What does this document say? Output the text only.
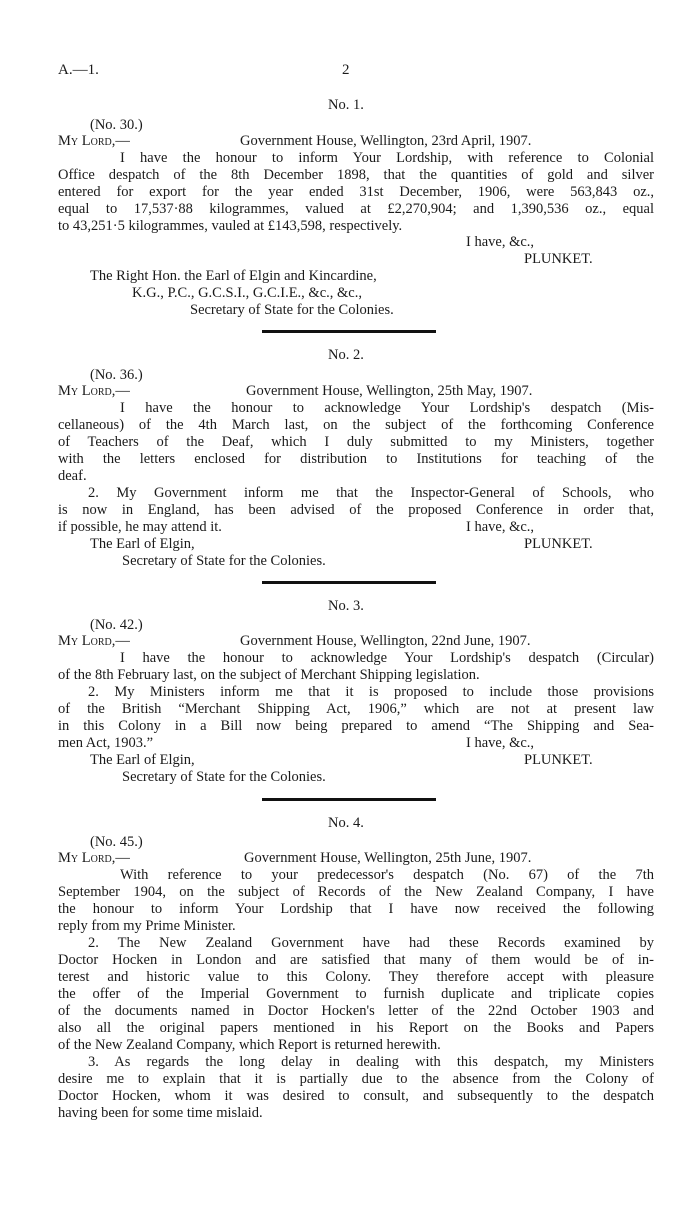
A.—1.	2
No. 1.
(No. 30.)
My Lord,—	Government House, Wellington, 23rd April, 1907.
I have the honour to inform Your Lordship, with reference to Colonial
Office despatch of the 8th December 1898, that the quantities of gold and silver
entered for export for the year ended 31st December, 1906, were 563,843 oz.,
equal to 17,537·88 kilogrammes, valued at £2,270,904; and 1,390,536 oz., equal
to 43,251·5 kilogrammes, vauled at £143,598, respectively.
I have, &c.,
PLUNKET.
The Right Hon. the Earl of Elgin and Kincardine,
K.G., P.C., G.C.S.I., G.C.I.E., &c., &c.,
Secretary of State for the Colonies.
No. 2.
(No. 36.)
My Lord,—	Government House, Wellington, 25th May, 1907.
I have the honour to acknowledge Your Lordship's despatch (Mis-
cellaneous) of the 4th March last, on the subject of the forthcoming Conference
of Teachers of the Deaf, which I duly submitted to my Ministers, together
with the letters enclosed for distribution to Institutions for teaching of the
deaf.
2. My Government inform me that the Inspector-General of Schools, who
is now in England, has been advised of the proposed Conference in order that,
if possible, he may attend it.	I have, &c.,
The Earl of Elgin,	PLUNKET.
Secretary of State for the Colonies.
No. 3.
(No. 42.)
My Lord,—	Government House, Wellington, 22nd June, 1907.
I have the honour to acknowledge Your Lordship's despatch (Circular)
of the 8th February last, on the subject of Merchant Shipping legislation.
2. My Ministers inform me that it is proposed to include those provisions
of the British “Merchant Shipping Act, 1906,” which are not at present law
in this Colony in a Bill now being prepared to amend “The Shipping and Sea-
men Act, 1903.”	I have, &c.,
The Earl of Elgin,	PLUNKET.
Secretary of State for the Colonies.
No. 4.
(No. 45.)
My Lord,—	Government House, Wellington, 25th June, 1907.
With reference to your predecessor's despatch (No. 67) of the 7th
September 1904, on the subject of Records of the New Zealand Company, I have
the honour to inform Your Lordship that I have now received the following
reply from my Prime Minister.
2. The New Zealand Government have had these Records examined by
Doctor Hocken in London and are satisfied that many of them would be of in-
terest and historic value to this Colony. They therefore accept with pleasure
the offer of the Imperial Government to furnish duplicate and triplicate copies
of the documents named in Doctor Hocken's letter of the 22nd October 1903 and
also all the original papers mentioned in his Report on the Books and Papers
of the New Zealand Company, which Report is returned herewith.
3. As regards the long delay in dealing with this despatch, my Ministers
desire me to explain that it is partially due to the absence from the Colony of
Doctor Hocken, whom it was desired to consult, and subsequently to the despatch
having been for some time mislaid.
